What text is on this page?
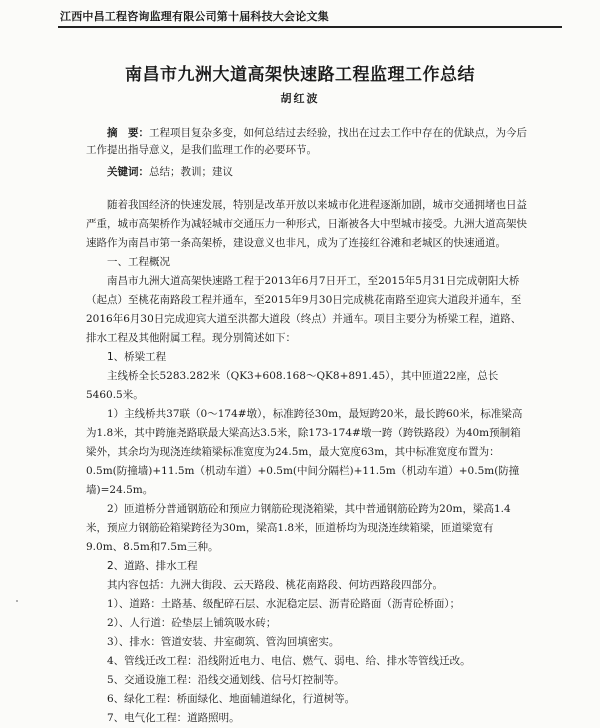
江西中昌工程咨询监理有限公司第十届科技大会论文集
南昌市九洲大道高架快速路工程监理工作总结
胡红波
摘　要：工程项目复杂多变，如何总结过去经验，找出在过去工作中存在的优缺点，为今后工作提出指导意义，是我们监理工作的必要环节。
关键词：总结；教训；建议

随着我国经济的快速发展，特别是改革开放以来城市化进程逐渐加剧，城市交通拥堵也日益严重，城市高架桥作为减轻城市交通压力一种形式，日渐被各大中型城市接受。九洲大道高架快速路作为南昌市第一条高架桥，建设意义也非凡，成为了连接红谷滩和老城区的快速通道。

一、工程概况

南昌市九洲大道高架快速路工程于2013年6月7日开工，至2015年5月31日完成朝阳大桥（起点）至桃花南路段工程并通车，至2015年9月30日完成桃花南路至迎宾大道段并通车，至2016年6月30日完成迎宾大道至洪都大道段（终点）并通车。项目主要分为桥梁工程，道路、排水工程及其他附属工程。现分别简述如下：

1、桥梁工程

主线桥全长5283.282米（QK3+608.168～QK8+891.45），其中匝道22座，总长5460.5米。

1）主线桥共37联（0～174#墩），标准跨径30m，最短跨20米，最长跨60米，标准梁高为1.8米，其中跨施尧路联最大梁高达3.5米，除173-174#墩一跨（跨铁路段）为40m预制箱梁外，其余均为现浇连续箱梁标准宽度为24.5m，最大宽度63m，其中标准宽度布置为：0.5m(防撞墙)+11.5m（机动车道）+0.5m(中间分隔栏)+11.5m（机动车道）+0.5m(防撞墙)=24.5m。

2）匝道桥分普通钢筋砼和预应力钢筋砼现浇箱梁，其中普通钢筋砼跨为20m，梁高1.4米，预应力钢筋砼箱梁跨径为30m，梁高1.8米，匝道桥均为现浇连续箱梁，匝道梁宽有9.0m、8.5m和7.5m三种。

2、道路、排水工程

其内容包括：九洲大街段、云天路段、桃花南路段、何坊西路段四部分。

1）、道路：土路基、级配碎石层、水泥稳定层、沥青砼路面（沥青砼桥面）；

2）、人行道：砼垫层上铺筑吸水砖；

3）、排水：管道安装、井室砌筑、管沟回填密实。

4、管线迁改工程：沿线附近电力、电信、燃气、弱电、给、排水等管线迁改。

5、交通设施工程：沿线交通划线、信号灯控制等。

6、绿化工程：桥面绿化、地面辅道绿化，行道树等。

7、电气化工程：道路照明。
